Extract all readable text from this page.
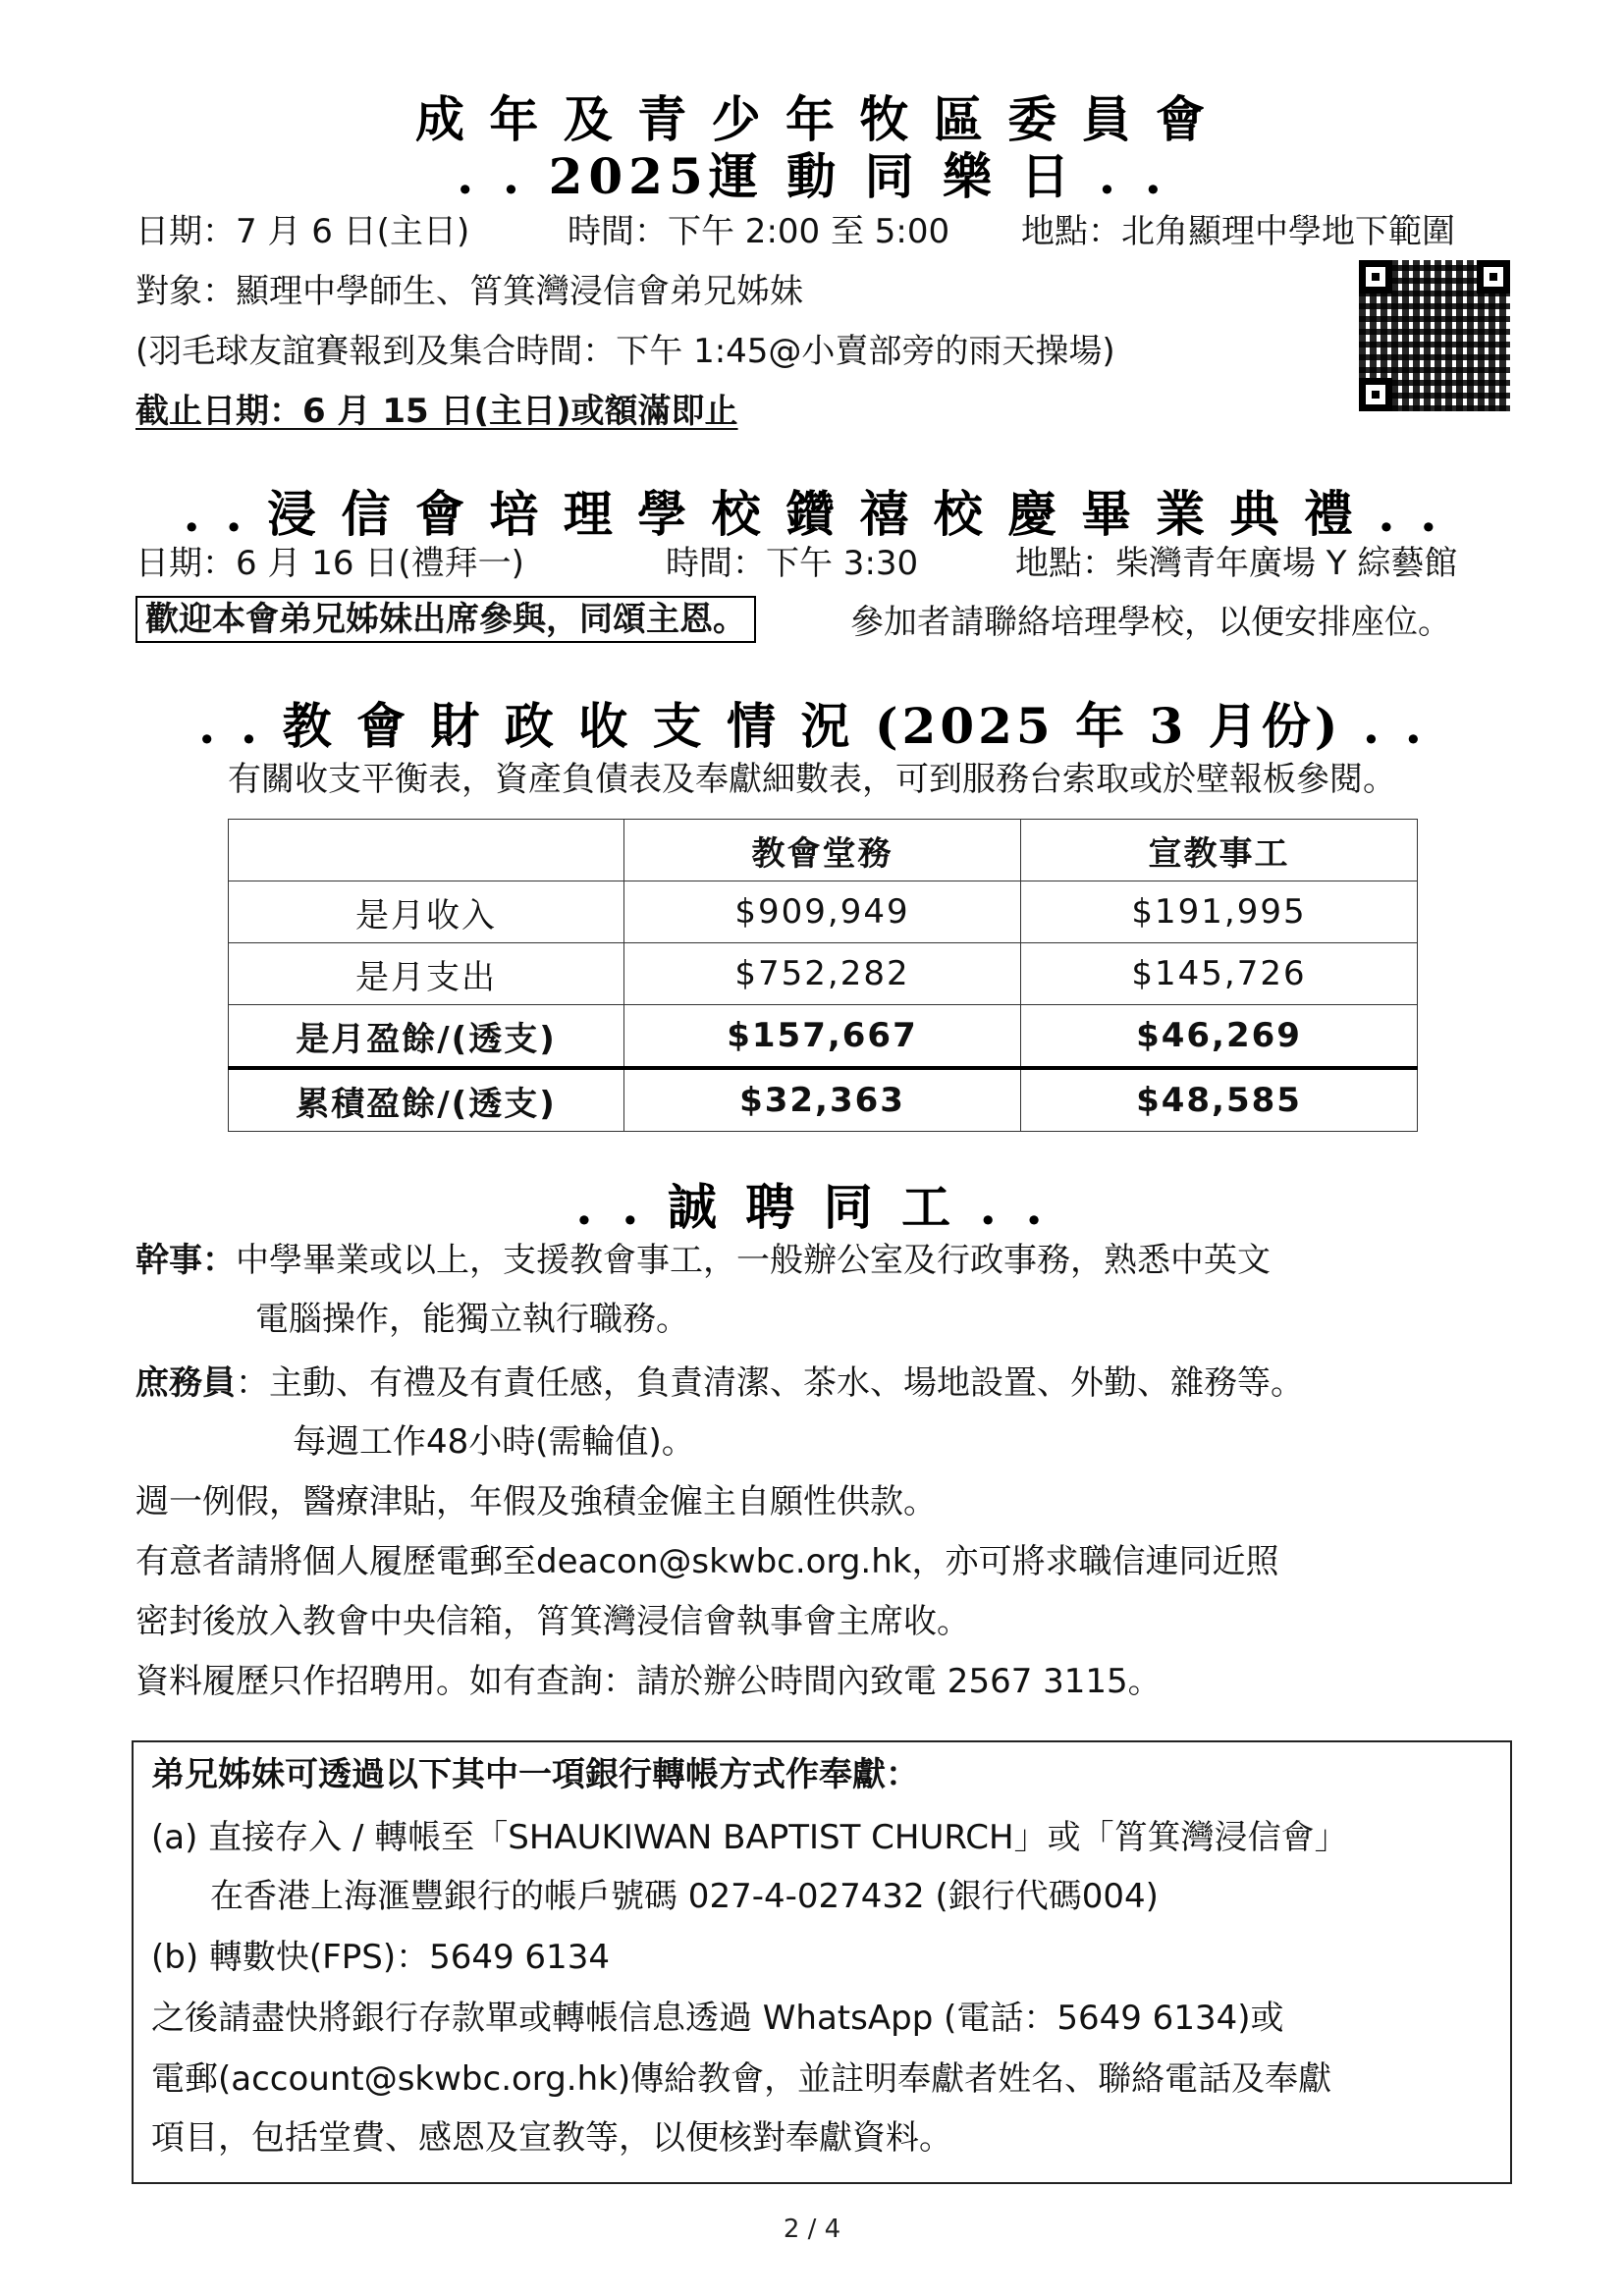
成 年 及 青 少 年 牧 區 委 員 會
. . 2025運 動 同 樂 日 . .
日期：7 月 6 日(主日)	時間：下午 2:00 至 5:00 地點：北角顯理中學地下範圍
對象：顯理中學師生、筲箕灣浸信會弟兄姊妹
(羽毛球友誼賽報到及集合時間：下午 1:45@小賣部旁的雨天操場)
截止日期：6 月 15 日(主日)或額滿即止
. . 浸 信 會 培 理 學 校 鑽 禧 校 慶 畢 業 典 禮 . .
日期：6 月 16 日(禮拜一)	時間：下午 3:30	地點：柴灣青年廣場 Y 綜藝館
歡迎本會弟兄姊妹出席參與，同頌主恩。	參加者請聯絡培理學校，以便安排座位。
. . 教 會 財 政 收 支 情 況 (2025 年 3 月份) . .
有關收支平衡表，資產負債表及奉獻細數表，可到服務台索取或於壁報板參閱。
	教會堂務	宣教事工
是月收入	$909,949	$191,995
是月支出	$752,282	$145,726
是月盈餘/(透支)	$157,667	$46,269
累積盈餘/(透支)	$32,363	$48,585
. . 誠 聘 同 工 . .
幹事：中學畢業或以上，支援教會事工，一般辦公室及行政事務，熟悉中英文
電腦操作，能獨立執行職務。
庶務員：主動、有禮及有責任感，負責清潔、茶水、場地設置、外勤、雜務等。
每週工作48小時(需輪值)。
週一例假，醫療津貼，年假及強積金僱主自願性供款。
有意者請將個人履歷電郵至deacon@skwbc.org.hk，亦可將求職信連同近照
密封後放入教會中央信箱，筲箕灣浸信會執事會主席收。
資料履歷只作招聘用。如有查詢：請於辦公時間內致電 2567 3115。
弟兄姊妹可透過以下其中一項銀行轉帳方式作奉獻：
(a) 直接存入 / 轉帳至「SHAUKIWAN BAPTIST CHURCH」或「筲箕灣浸信會」
在香港上海滙豐銀行的帳戶號碼 027-4-027432 (銀行代碼004)
(b) 轉數快(FPS)：5649 6134
之後請盡快將銀行存款單或轉帳信息透過 WhatsApp (電話：5649 6134)或
電郵(account@skwbc.org.hk)傳給教會，並註明奉獻者姓名、聯絡電話及奉獻
項目，包括堂費、感恩及宣教等，以便核對奉獻資料。
2 / 4
